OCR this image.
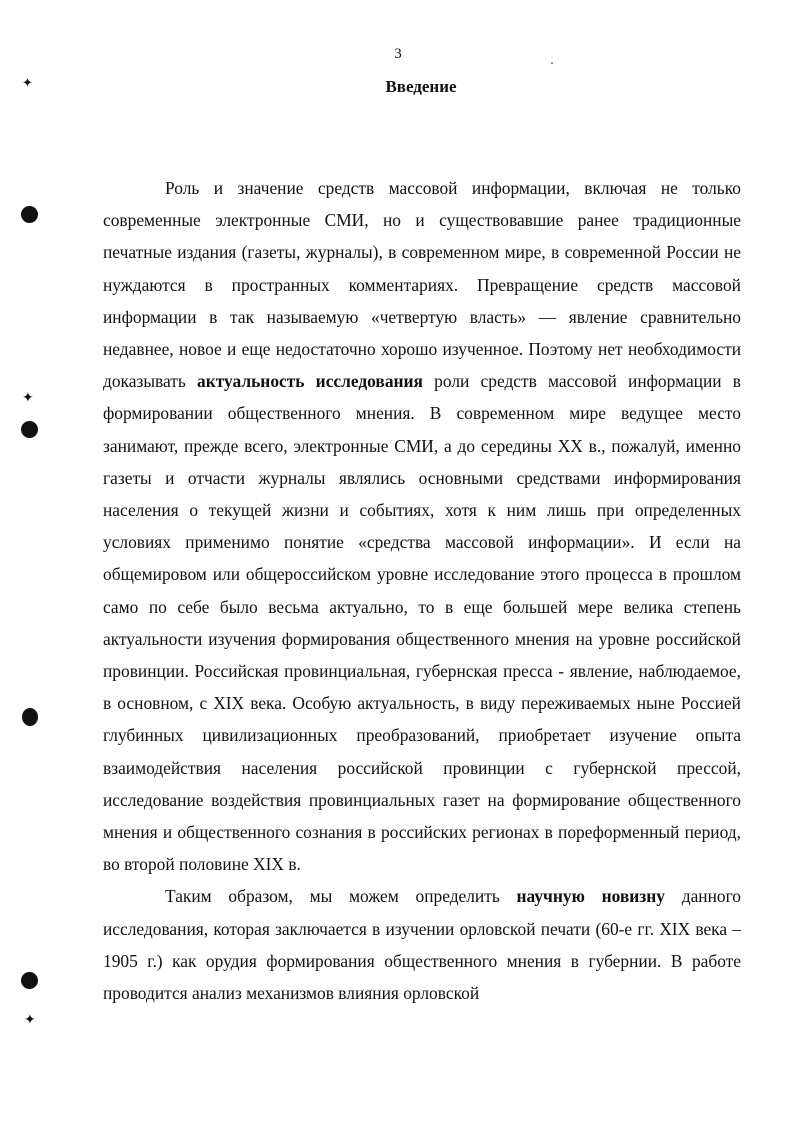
3
Введение

Роль и значение средств массовой информации, включая не только современные электронные СМИ, но и существовавшие ранее традиционные печатные издания (газеты, журналы), в современном мире, в современной России не нуждаются в пространных комментариях. Превращение средств массовой информации в так называемую «четвертую власть» — явление сравнительно недавнее, новое и еще недостаточно хорошо изученное. Поэтому нет необходимости доказывать актуальность исследования роли средств массовой информации в формировании общественного мнения. В современном мире ведущее место занимают, прежде всего, электронные СМИ, а до середины XX в., пожалуй, именно газеты и отчасти журналы являлись основными средствами информирования населения о текущей жизни и событиях, хотя к ним лишь при определенных условиях применимо понятие «средства массовой информации». И если на общемировом или общероссийском уровне исследование этого процесса в прошлом само по себе было весьма актуально, то в еще большей мере велика степень актуальности изучения формирования общественного мнения на уровне российской провинции. Российская провинциальная, губернская пресса - явление, наблюдаемое, в основном, с XIX века. Особую актуальность, в виду переживаемых ныне Россией глубинных цивилизационных преобразований, приобретает изучение опыта взаимодействия населения российской провинции с губернской прессой, исследование воздействия провинциальных газет на формирование общественного мнения и общественного сознания в российских регионах в пореформенный период, во второй половине XIX в.

Таким образом, мы можем определить научную новизну данного исследования, которая заключается в изучении орловской печати (60-е гг. XIX века – 1905 г.) как орудия формирования общественного мнения в губернии. В работе проводится анализ механизмов влияния орловской

✦
✦
✦
